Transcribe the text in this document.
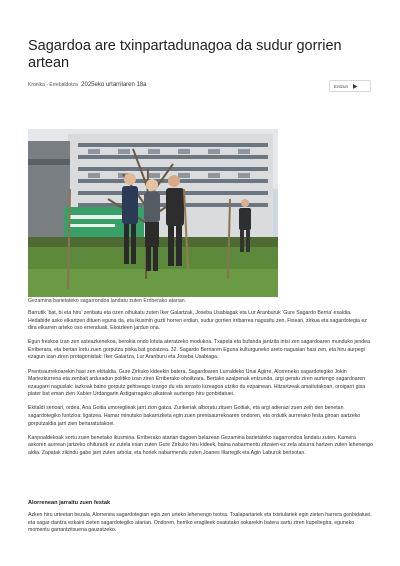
Sagardoa are txinpartadunagoa da sudur gorrien artean
Kronika - Errebaldotza 2025eko urtarrilaren 18a	Entzun ▶

Gezamina barietateko sagarrondoa landatu zuten Erriberako atarian.

Barrutik ‘bat, bi eta hiru’ zenbatu eta ozen oihukatu zuten Iker Galartzak, Joseba Usabiagak eta Lur Aranburuk ‘Gure Sagardo Berria’ esaldia. Hedabide asko elkartzen dituen eguna da, eta ikusmin guztí horren erdian, sudur gorrien irribarrea nagusitu zen. Finean, zirkua eta sagardotegia ez dira elkarren arteko oso errenduak. Ekoizleen jardun ona.

Egun freskoa izan zen asteazkenekoa, berokia ondo lotuta ateratzeko modukoa. Txapela eta bufanda jantzita intsi zen sagardoaren munduko jendea Erriberara, eta bertan lortu zuen gorputza piska bat gozatzea. 32. Sagardo Berriaren Eguna kulturguneko areto nagusian hasi zen, eta hiru aurpegi ezagun izan ziren protagonistak: Iker Galartza, Lur Aranburu eta Joseba Usabiaga.

Prentsaurrekoarekin hasi zen ekitaldia. Gure Zirkuko kideekin batera, Sagardoaren Lurraldeko Unai Agirre, Alorreneko sagardotegiko Jokin Mariezkurrena eta zenbait arduradun politiko izan ziren Erriberako ohoiltzara. Bertako azalpenak entzunda, argi geratu ziren aurtengo sagardoaren ezaugarri naguslak: iazkoak baino gorputz gehiseago izango du eta arrasto luzeagoa utziko du ezpainean. Hitzartzeak amaitutakoan, oroigarri gisa plater bat eman zien Xabier Urdangarin Astigarragako alkateak aurtengo hiru gonbidatuei.

Ekitaldi serioari, ordea, Ana Goitia umoregileak jarri zion gatza. Zurikeriak alboratu zituen Goitiak, eta argi adierazi zuen zein den benetan sagardotegiko funtzioa: ligatzea. Hamar minutuko bakarrizketa egin zuen prentsaurrekoaren ondoren, eta ordutik aurrerako festa giroan sartzeko gorputzaldia jarri zien bertaratutakoei.

Kanpoaldekoak sortu zuen benetako ikusmina. Erriberako atarian dagoen belazean Gezamina barietateko sagarrondoa landatu zuten. Kamera askoren aurrean jartzeko ohiturarik ez zutela esan zuten Gure Zirkuko hiru kideek, baina nabarmentu zitzaien ez zela atsurra hartzen zuten lehenengo aldia. Zapatak zikindu gabe jarri zuten arbola, eta horiek nabarmendu zuten Joanes Illarregik eta Agin Laburuk bertsotan.

Alorrenean jarraitu zuen festak

Azken hiru urteetan bezala, Alorrenea sagardotegian egin zen urteko lehenengo txotxa. Txalapartariek eta txistulariek egin zieten harrera gonbidatuei, eta sagar dantza eskaini zieten sagardotegiko atarian. Ondoren, herriko eragileek osatutako sokarekin batera sartu ziren kupeltegira, eguneko momentu garrantzitsuena gauzatzeko.
